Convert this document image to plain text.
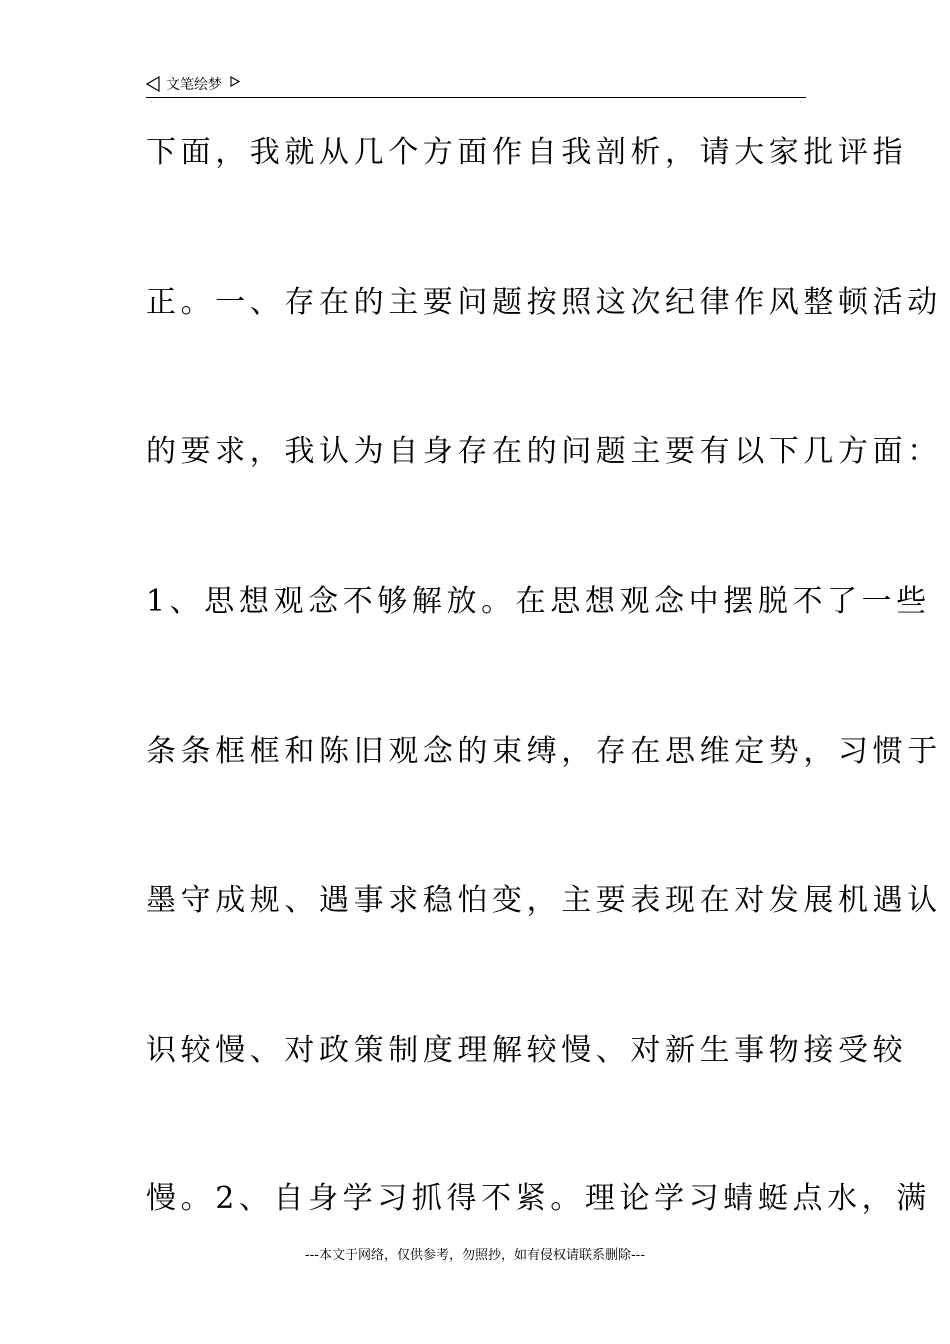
文笔绘梦
下面，我就从几个方面作自我剖析，请大家批评指
正。一、存在的主要问题按照这次纪律作风整顿活动
的要求，我认为自身存在的问题主要有以下几方面：
1、思想观念不够解放。在思想观念中摆脱不了一些
条条框框和陈旧观念的束缚，存在思维定势，习惯于
墨守成规、遇事求稳怕变，主要表现在对发展机遇认
识较慢、对政策制度理解较慢、对新生事物接受较
慢。2、自身学习抓得不紧。理论学习蜻蜓点水，满
---本文于网络，仅供参考，勿照抄，如有侵权请联系删除---
